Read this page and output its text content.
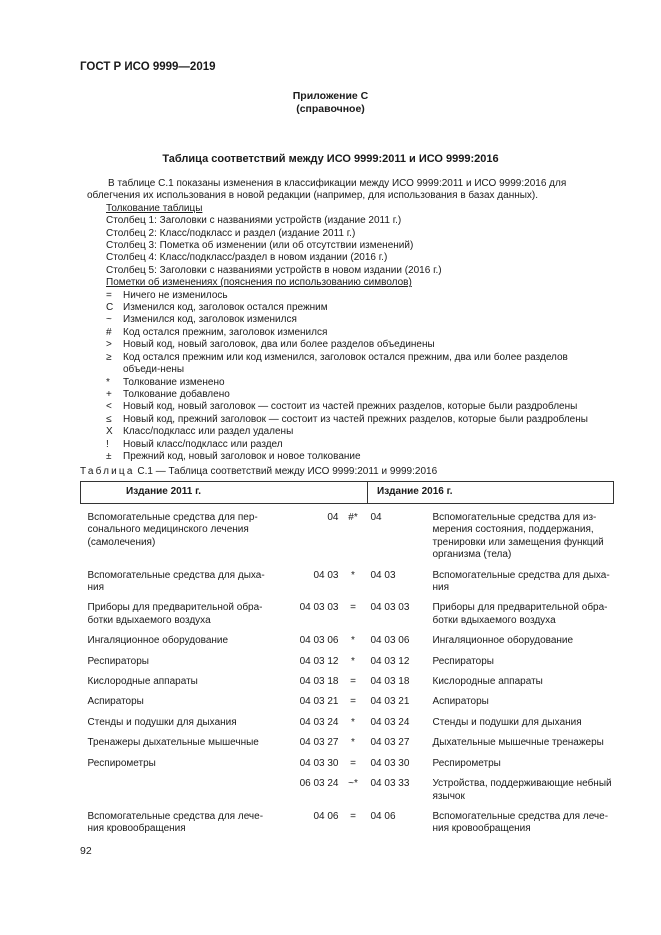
ГОСТ Р ИСО 9999—2019
Приложение C
(справочное)
Таблица соответствий между ИСО 9999:2011 и ИСО 9999:2016
В таблице С.1 показаны изменения в классификации между ИСО 9999:2011 и ИСО 9999:2016 для облегчения их использования в новой редакции (например, для использования в базах данных).
Толкование таблицы
Столбец 1: Заголовки с названиями устройств (издание 2011 г.)
Столбец 2: Класс/подкласс и раздел (издание 2011 г.)
Столбец 3: Пометка об изменении (или об отсутствии изменений)
Столбец 4: Класс/подкласс/раздел в новом издании (2016 г.)
Столбец 5: Заголовки с названиями устройств в новом издании (2016 г.)
Пометки об изменениях (пояснения по использованию символов)
=	Ничего не изменилось
C Изменился код, заголовок остался прежним
~	Изменился код, заголовок изменился
#	Код остался прежним, заголовок изменился
>	Новый код, новый заголовок, два или более разделов объединены
≥	Код остался прежним или код изменился, заголовок остался прежним, два или более разделов объеди-нены
*	Толкование изменено
+	Толкование добавлено
<	Новый код, новый заголовок — состоит из частей прежних разделов, которые были раздроблены
≤	Новый код, прежний заголовок — состоит из частей прежних разделов, которые были раздроблены
X	Класс/подкласс или раздел удалены
!	Новый класс/подкласс или раздел
±	Прежний код, новый заголовок и новое толкование
Таблица С.1 — Таблица соответствий между ИСО 9999:2011 и 9999:2016
Издание 2011 г.			Издание 2016 г.	
Вспомогательные средства для пер-сонального медицинского лечения (самолечения)	04	#*	04	Вспомогательные средства для из-мерения состояния, поддержания, тренировки или замещения функций организма (тела)
Вспомогательные средства для дыха-ния	04 03	*	04 03	Вспомогательные средства для дыха-ния
Приборы для предварительной обра-ботки вдыхаемого воздуха	04 03 03	=	04 03 03	Приборы для предварительной обра-ботки вдыхаемого воздуха
Ингаляционное оборудование	04 03 06	*	04 03 06	Ингаляционное оборудование
Респираторы	04 03 12	*	04 03 12	Респираторы
Кислородные аппараты	04 03 18	=	04 03 18	Кислородные аппараты
Аспираторы	04 03 21	=	04 03 21	Аспираторы
Стенды и подушки для дыхания	04 03 24	*	04 03 24	Стенды и подушки для дыхания
Тренажеры дыхательные мышечные	04 03 27	*	04 03 27	Дыхательные мышечные тренажеры
Респирометры	04 03 30	=	04 03 30	Респирометры
	06 03 24	~*	04 03 33	Устройства, поддерживающие небный язычок
Вспомогательные средства для лече-ния кровообращения	04 06	=	04 06	Вспомогательные средства для лече-ния кровообращения
92
